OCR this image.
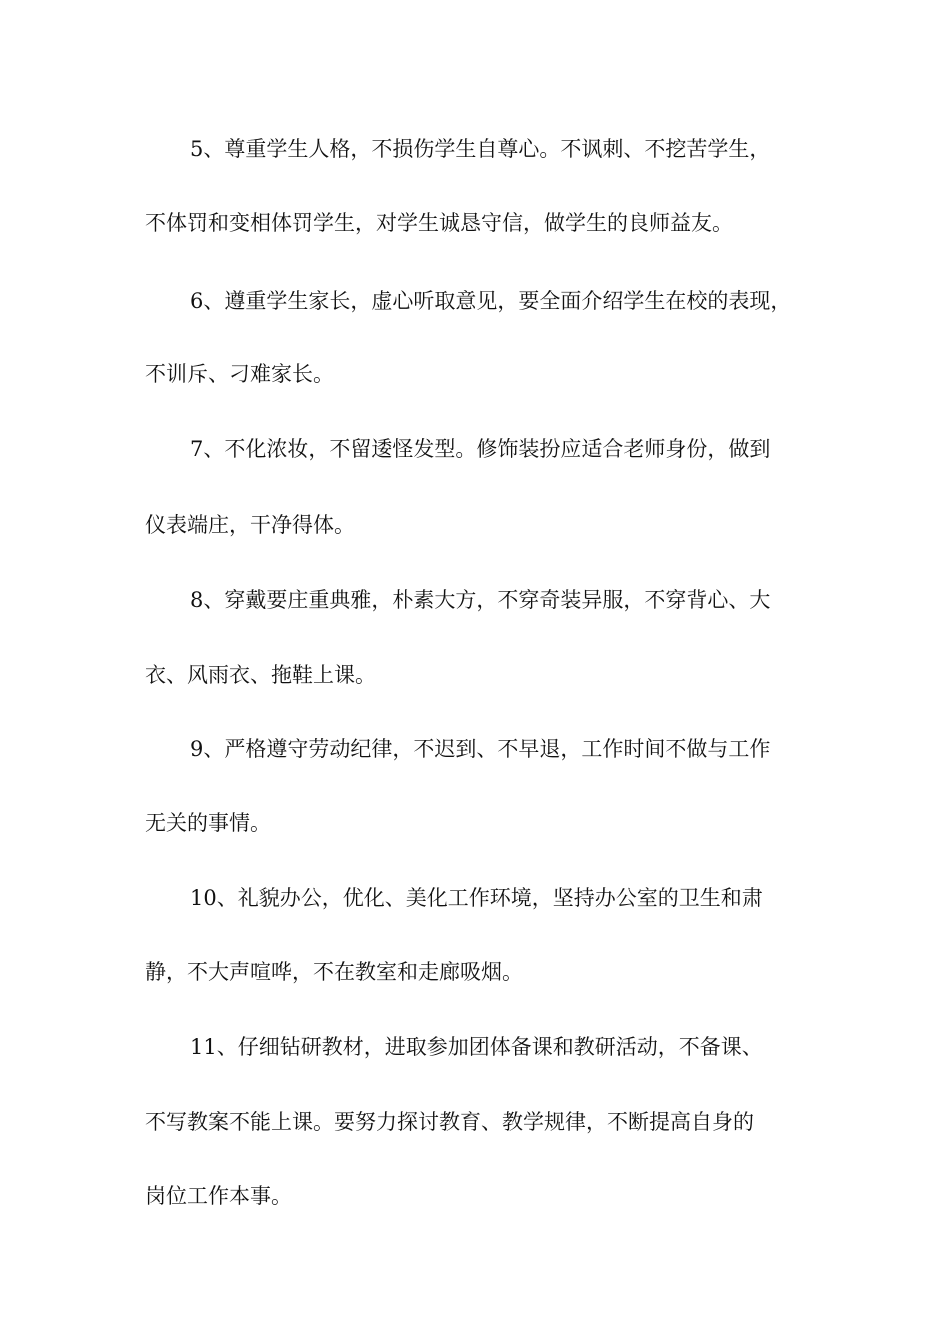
5、尊重学生人格，不损伤学生自尊心。不讽刺、不挖苦学生，
不体罚和变相体罚学生，对学生诚恳守信，做学生的良师益友。
6、遵重学生家长，虚心听取意见，要全面介绍学生在校的表现，
不训斥、刁难家长。
7、不化浓妆，不留逶怪发型。修饰装扮应适合老师身份，做到
仪表端庄，干净得体。
8、穿戴要庄重典雅，朴素大方，不穿奇装异服，不穿背心、大
衣、风雨衣、拖鞋上课。
9、严格遵守劳动纪律，不迟到、不早退，工作时间不做与工作
无关的事情。
10、礼貌办公，优化、美化工作环境，坚持办公室的卫生和肃
静，不大声喧哗，不在教室和走廊吸烟。
11、仔细钻研教材，进取参加团体备课和教研活动，不备课、
不写教案不能上课。要努力探讨教育、教学规律，不断提高自身的
岗位工作本事。
